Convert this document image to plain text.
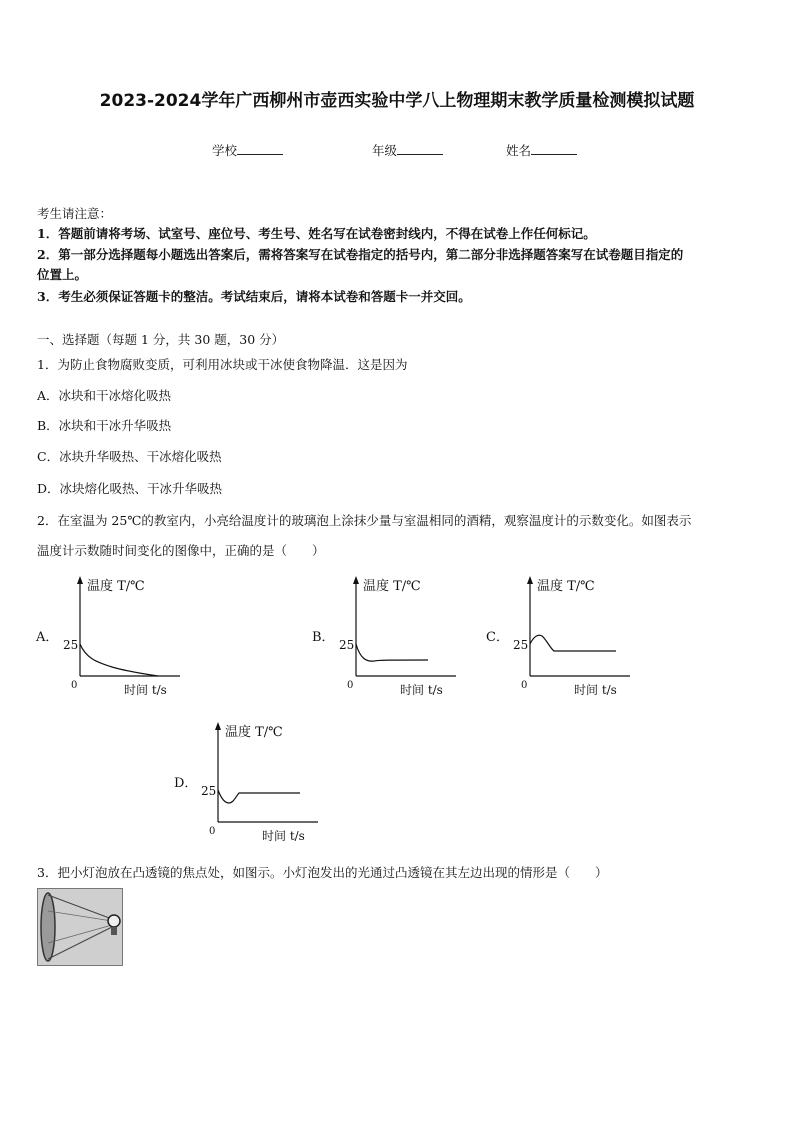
2023-2024学年广西柳州市壶西实验中学八上物理期末教学质量检测模拟试题
学校	年级	姓名
考生请注意：
1．答题前请将考场、试室号、座位号、考生号、姓名写在试卷密封线内，不得在试卷上作任何标记。
2．第一部分选择题每小题选出答案后，需将答案写在试卷指定的括号内，第二部分非选择题答案写在试卷题目指定的
位置上。
3．考生必须保证答题卡的整洁。考试结束后，请将本试卷和答题卡一并交回。
一、选择题（每题 1 分，共 30 题，30 分）
1．为防止食物腐败变质，可利用冰块或干冰使食物降温．这是因为
A．冰块和干冰熔化吸热
B．冰块和干冰升华吸热
C．冰块升华吸热、干冰熔化吸热
D．冰块熔化吸热、干冰升华吸热
2．在室温为 25℃的教室内，小亮给温度计的玻璃泡上涂抹少量与室温相同的酒精，观察温度计的示数变化。如图表示
温度计示数随时间变化的图像中，正确的是（　　）
A．
温度 T/℃
25
0	时间 t/s
B．
温度 T/℃
25
0	时间 t/s
C．
温度 T/℃
25
0	时间 t/s
D．
温度 T/℃
25
0	时间 t/s
3．把小灯泡放在凸透镜的焦点处，如图示。小灯泡发出的光通过凸透镜在其左边出现的情形是（　　）
